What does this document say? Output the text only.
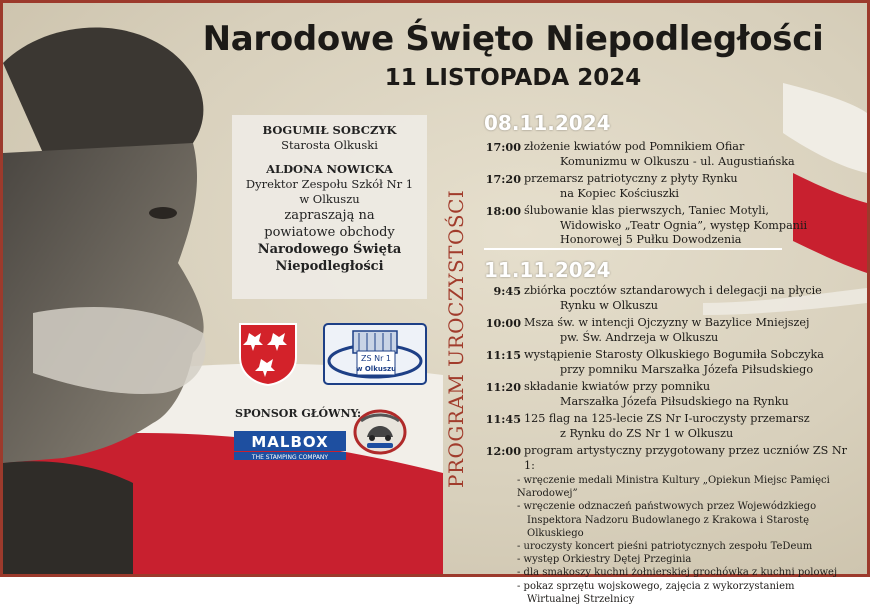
Narodowe Święto Niepodległości
11 LISTOPADA 2024
BOGUMIŁ SOBCZYK
Starosta Olkuski
ALDONA NOWICKA
Dyrektor Zespołu Szkół Nr 1
w Olkuszu
zapraszają na
powiatowe obchody
Narodowego Święta
Niepodległości
ZS Nr 1
w Olkuszu
SPONSOR GŁÓWNY:
MALBOX
THE STAMPING COMPANY	PROGRAM UROCZYSTOŚCI
08.11.2024
17:00 złożenie kwiatów pod Pomnikiem Ofiar
Komunizmu w Olkuszu - ul. Augustiańska
17:20 przemarsz patriotyczny z płyty Rynku
na Kopiec Kościuszki
18:00 ślubowanie klas pierwszych, Taniec Motyli,
Widowisko „Teatr Ognia”, występ Kompanii
Honorowej 5 Pułku Dowodzenia
11.11.2024
9:45 zbiórka pocztów sztandarowych i delegacji na płycie
Rynku w Olkuszu
10:00 Msza św. w intencji Ojczyzny w Bazylice Mniejszej
pw. Św. Andrzeja w Olkuszu
11:15 wystąpienie Starosty Olkuskiego Bogumiła Sobczyka
przy pomniku Marszałka Józefa Piłsudskiego
11:20 składanie kwiatów przy pomniku
Marszałka Józefa Piłsudskiego na Rynku
11:45 125 flag na 125-lecie ZS Nr I-uroczysty przemarsz
z Rynku do ZS Nr 1 w Olkuszu
12:00 program artystyczny przygotowany przez uczniów ZS Nr 1:
- wręczenie medali Ministra Kultury „Opiekun Miejsc Pamięci Narodowej”
- wręczenie odznaczeń państwowych przez Wojewódzkiego
Inspektora Nadzoru Budowlanego z Krakowa i Starostę Olkuskiego
- uroczysty koncert pieśni patriotycznych zespołu TeDeum
- występ Orkiestry Dętej Przeginia
- dla smakoszy kuchni żołnierskiej grochówka z kuchni polowej
- pokaz sprzętu wojskowego, zajęcia z wykorzystaniem
Wirtualnej Strzelnicy
